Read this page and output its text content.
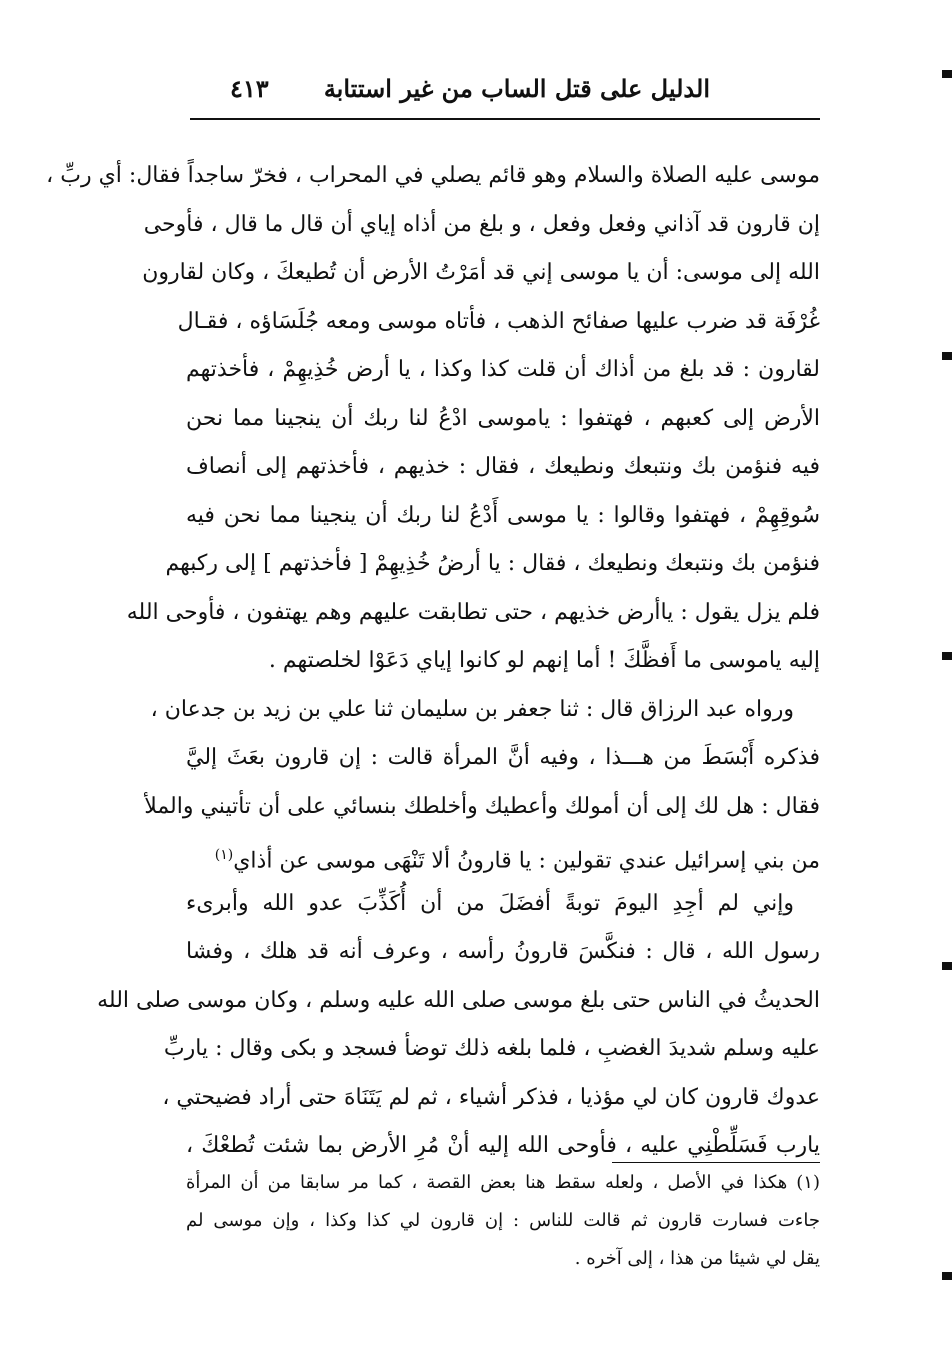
الدليل على قتل الساب من غير استتابة
٤١٣
موسى عليه الصلاة والسلام وهو قائم يصلي في المحراب ، فخرّ ساجداً فقال: أي ربِّ ،
إن قارون قد آذاني وفعل وفعل ، و بلغ من أذاه إياي أن قال ما قال ، فأوحى
الله إلى موسى: أن يا موسى إني قد أمَرْتُ الأرض أن تُطيعكَ ، وكان لقارون
غُرْفَة قد ضرب عليها صفائح الذهب ، فأتاه موسى ومعه جُلَسَاؤه ، فقـال
لقارون : قد بلغ من أذاك أن قلت كذا وكذا ، يا أرض خُذِيهِمْ ، فأخذتهم
الأرض إلى كعبهم ، فهتفوا : ياموسى ادْعُ لنا ربك أن ينجينا مما نحن
فيه فنؤمن بك ونتبعك ونطيعك ، فقال : خذيهم ، فأخذتهم إلى أنصاف
سُوقِهِمْ ، فهتفوا وقالوا : يا موسى أَدْعُ لنا ربك أن ينجينا مما نحن فيه
فنؤمن بك ونتبعك ونطيعك ، فقال : يا أرضُ خُذِيهِمْ [ فأخذتهم ] إلى ركبهم
فلم يزل يقول : ياأرض خذيهم ، حتى تطابقت عليهم وهم يهتفون ، فأوحى الله
إليه ياموسى ما أَفظَّكَ ! أما إنهم لو كانوا إياي دَعَوْا لخلصتهم .
ورواه عبد الرزاق قال : ثنا جعفر بن سليمان ثنا علي بن زيد بن جدعان ،
فذكره أَبْسَطَ من هـــذا ، وفيه أنَّ المرأة قالت : إن قارون بعَثَ إليَّ
فقال : هل لك إلى أن أمولك وأعطيك وأخلطك بنسائي على أن تأتيني والملأ
من بني إسرائيل عندي تقولين : يا قارونُ ألا تَنْهَى موسى عن أذاي$^{(١)}$
وإني لم أجِدِ اليومَ توبةً أفضَلَ من أن أُكَذِّبَ عدو الله وأبرىء
رسول الله ، قال : فنكَّسَ قارونُ رأسه ، وعرف أنه قد هلك ، وفشا
الحديثُ في الناس حتى بلغ موسى صلى الله عليه وسلم ، وكان موسى صلى الله
عليه وسلم شديدَ الغضبِ ، فلما بلغه ذلك توضأ فسجد و بكى وقال : ياربِّ
عدوك قارون كان لي مؤذيا ، فذكر أشياء ، ثم لم يَتَنَاهَ حتى أراد فضيحتي ،
يارب فَسَلِّطْنِي عليه ، فأوحى الله إليه أنْ مُرِ الأرض بما شئت تُطعْكَ ،
(١) هكذا في الأصل ، ولعله سقط هنا بعض القصة ، كما مر سابقا من أن المرأة
جاءت فسارت قارون ثم قالت للناس : إن قارون لي كذا وكذا ، وإن موسى لم
يقل لي شيئا من هذا ، إلى آخره .
